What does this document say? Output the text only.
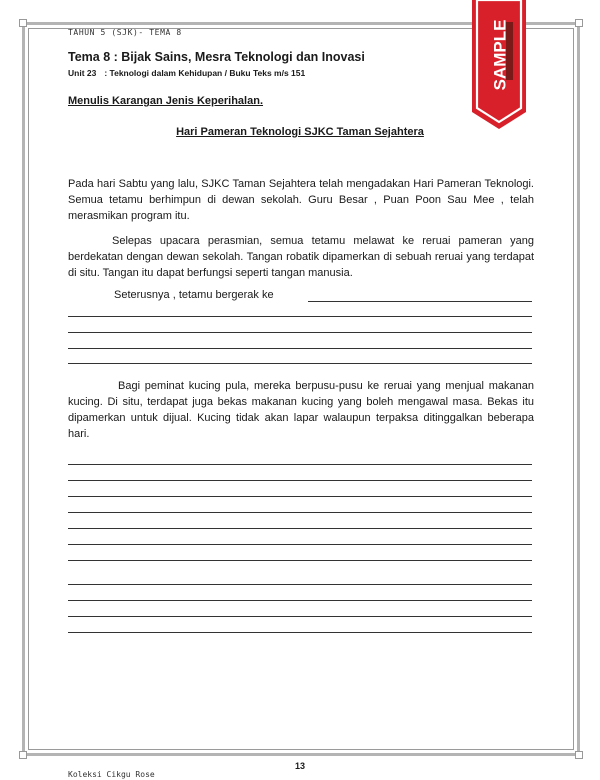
TAHUN 5 (SJK)- TEMA 8
Tema 8 : Bijak Sains, Mesra Teknologi dan Inovasi
Unit 23 : Teknologi dalam Kehidupan / Buku Teks m/s 151	SAMPLE
Menulis Karangan Jenis Keperihalan.
Hari Pameran Teknologi SJKC Taman Sejahtera

Pada hari Sabtu yang lalu, SJKC Taman Sejahtera telah mengadakan Hari Pameran Teknologi. Semua tetamu berhimpun di dewan sekolah. Guru Besar , Puan Poon Sau Mee , telah merasmikan program itu.

Selepas upacara perasmian, semua tetamu melawat ke reruai pameran yang berdekatan dengan dewan sekolah. Tangan robatik dipamerkan di sebuah reruai yang terdapat di situ. Tangan itu dapat berfungsi seperti tangan manusia.

Seterusnya , tetamu bergerak ke

Bagi peminat kucing pula, mereka berpusu-pusu ke reruai yang menjual makanan kucing. Di situ, terdapat juga bekas makanan kucing yang boleh mengawal masa. Bekas itu dipamerkan untuk dijual. Kucing tidak akan lapar walaupun terpaksa ditinggalkan beberapa hari.

13
Koleksi Cikgu Rose
